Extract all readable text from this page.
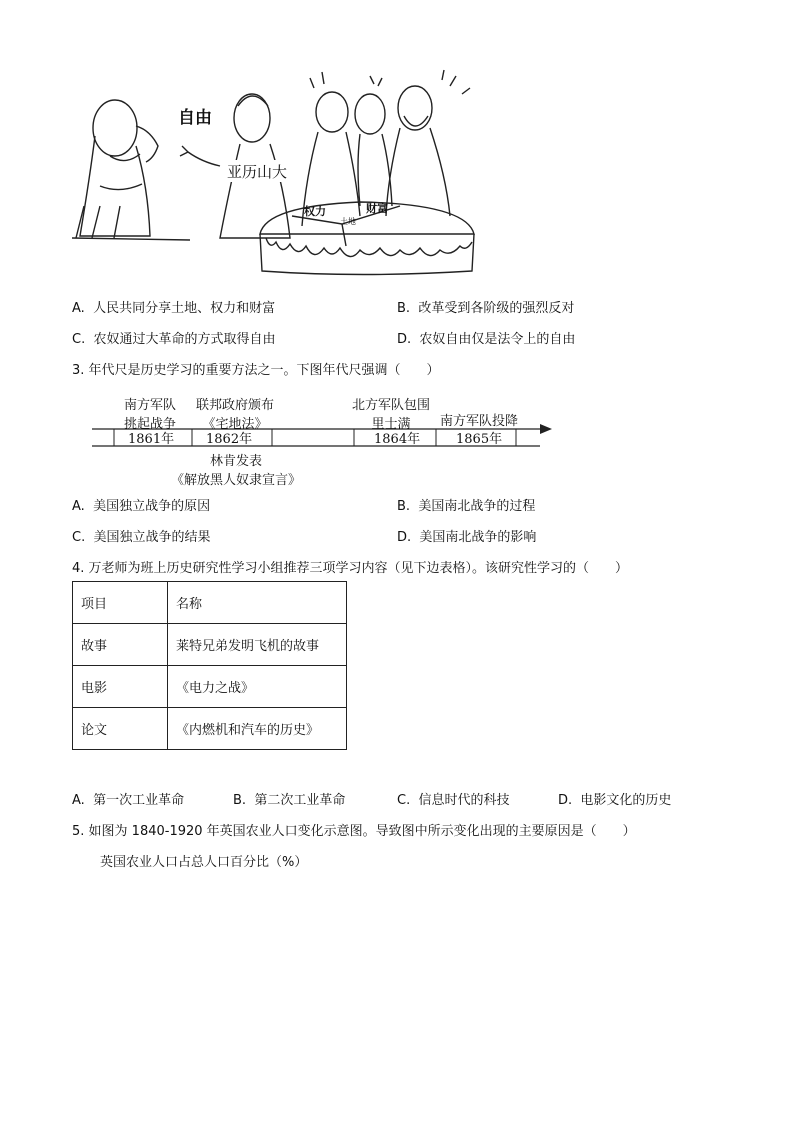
自由
亚历山大
权力
土地
财富
A. 人民共同分享土地、权力和财富	B. 改革受到各阶级的强烈反对
C. 农奴通过大革命的方式取得自由	D. 农奴自由仅是法令上的自由
3. 年代尺是历史学习的重要方法之一。下图年代尺强调（　　）
南方军队
挑起战争
联邦政府颁布
《宅地法》
北方军队包围
里士满	南方军队投降
1861年 1862年	1864年	1865年
林肯发表
《解放黑人奴隶宣言》
A. 美国独立战争的原因	B. 美国南北战争的过程
C. 美国独立战争的结果	D. 美国南北战争的影响
4. 万老师为班上历史研究性学习小组推荐三项学习内容（见下边表格）。该研究性学习的（　　）
项目	名称
故事	莱特兄弟发明飞机的故事
电影	《电力之战》
论文	《内燃机和汽车的历史》
A. 第一次工业革命	B. 第二次工业革命	C. 信息时代的科技	D. 电影文化的历史
5. 如图为 1840-1920 年英国农业人口变化示意图。导致图中所示变化出现的主要原因是（　　）
英国农业人口占总人口百分比（%）
